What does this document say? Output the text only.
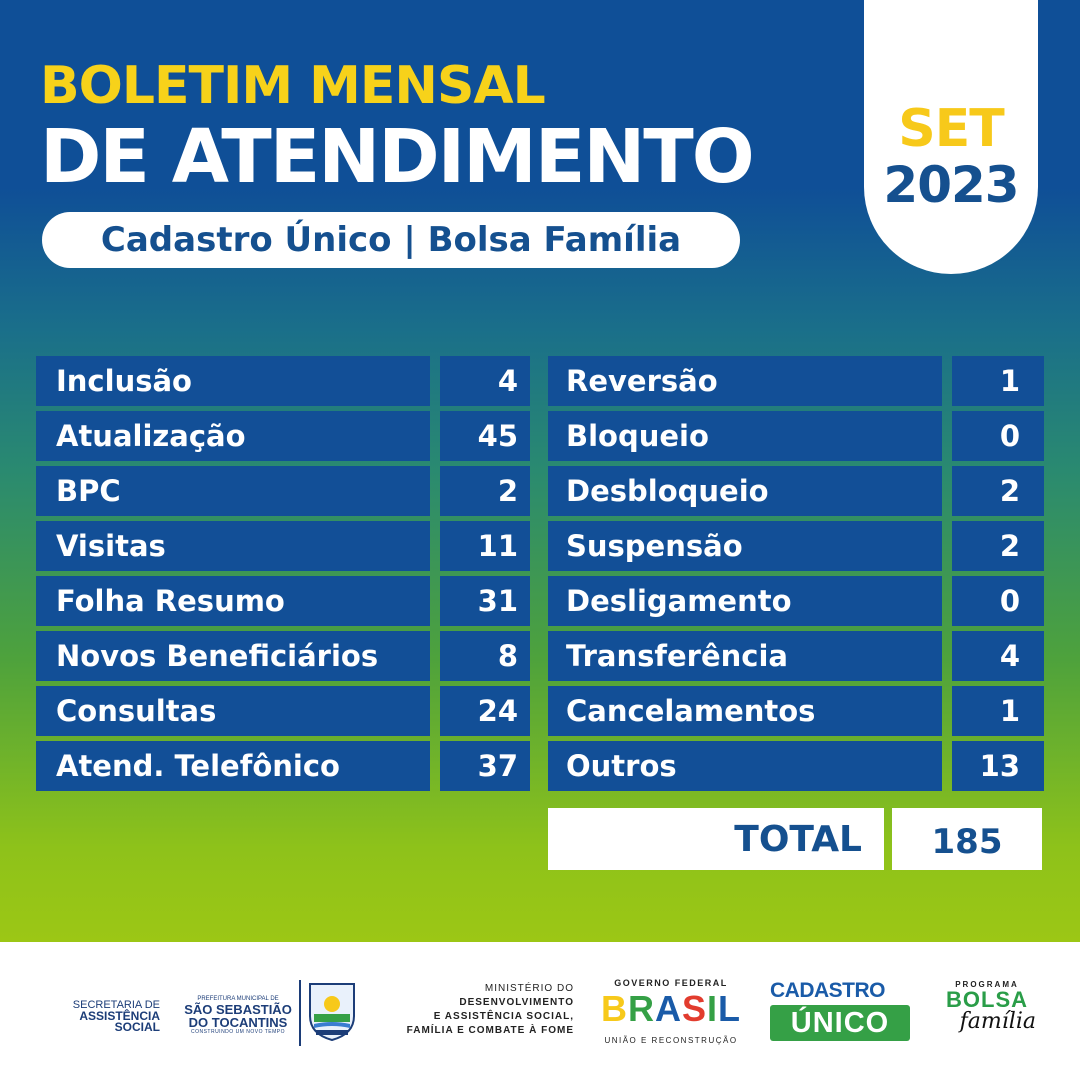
BOLETIM MENSAL
DE ATENDIMENTO
Cadastro Único | Bolsa Família
SET
2023
Inclusão	4
Atualização	45
BPC	2
Visitas	11
Folha Resumo	31
Novos Beneficiários	8
Consultas	24
Atend. Telefônico	37
Reversão	1
Bloqueio	0
Desbloqueio	2
Suspensão	2
Desligamento	0
Transferência	4
Cancelamentos	1
Outros	13
TOTAL	185
SECRETARIA DE
ASSISTÊNCIA SOCIAL
PREFEITURA MUNICIPAL DE
SÃO SEBASTIÃO
DO TOCANTINS
CONSTRUINDO UM NOVO TEMPO
MINISTÉRIO DO
DESENVOLVIMENTO
E ASSISTÊNCIA SOCIAL,
FAMÍLIA E COMBATE À FOME
GOVERNO FEDERAL
BRASIL
UNIÃO E RECONSTRUÇÃO
CADASTRO
ÚNICO
PROGRAMA
BOLSA
família
